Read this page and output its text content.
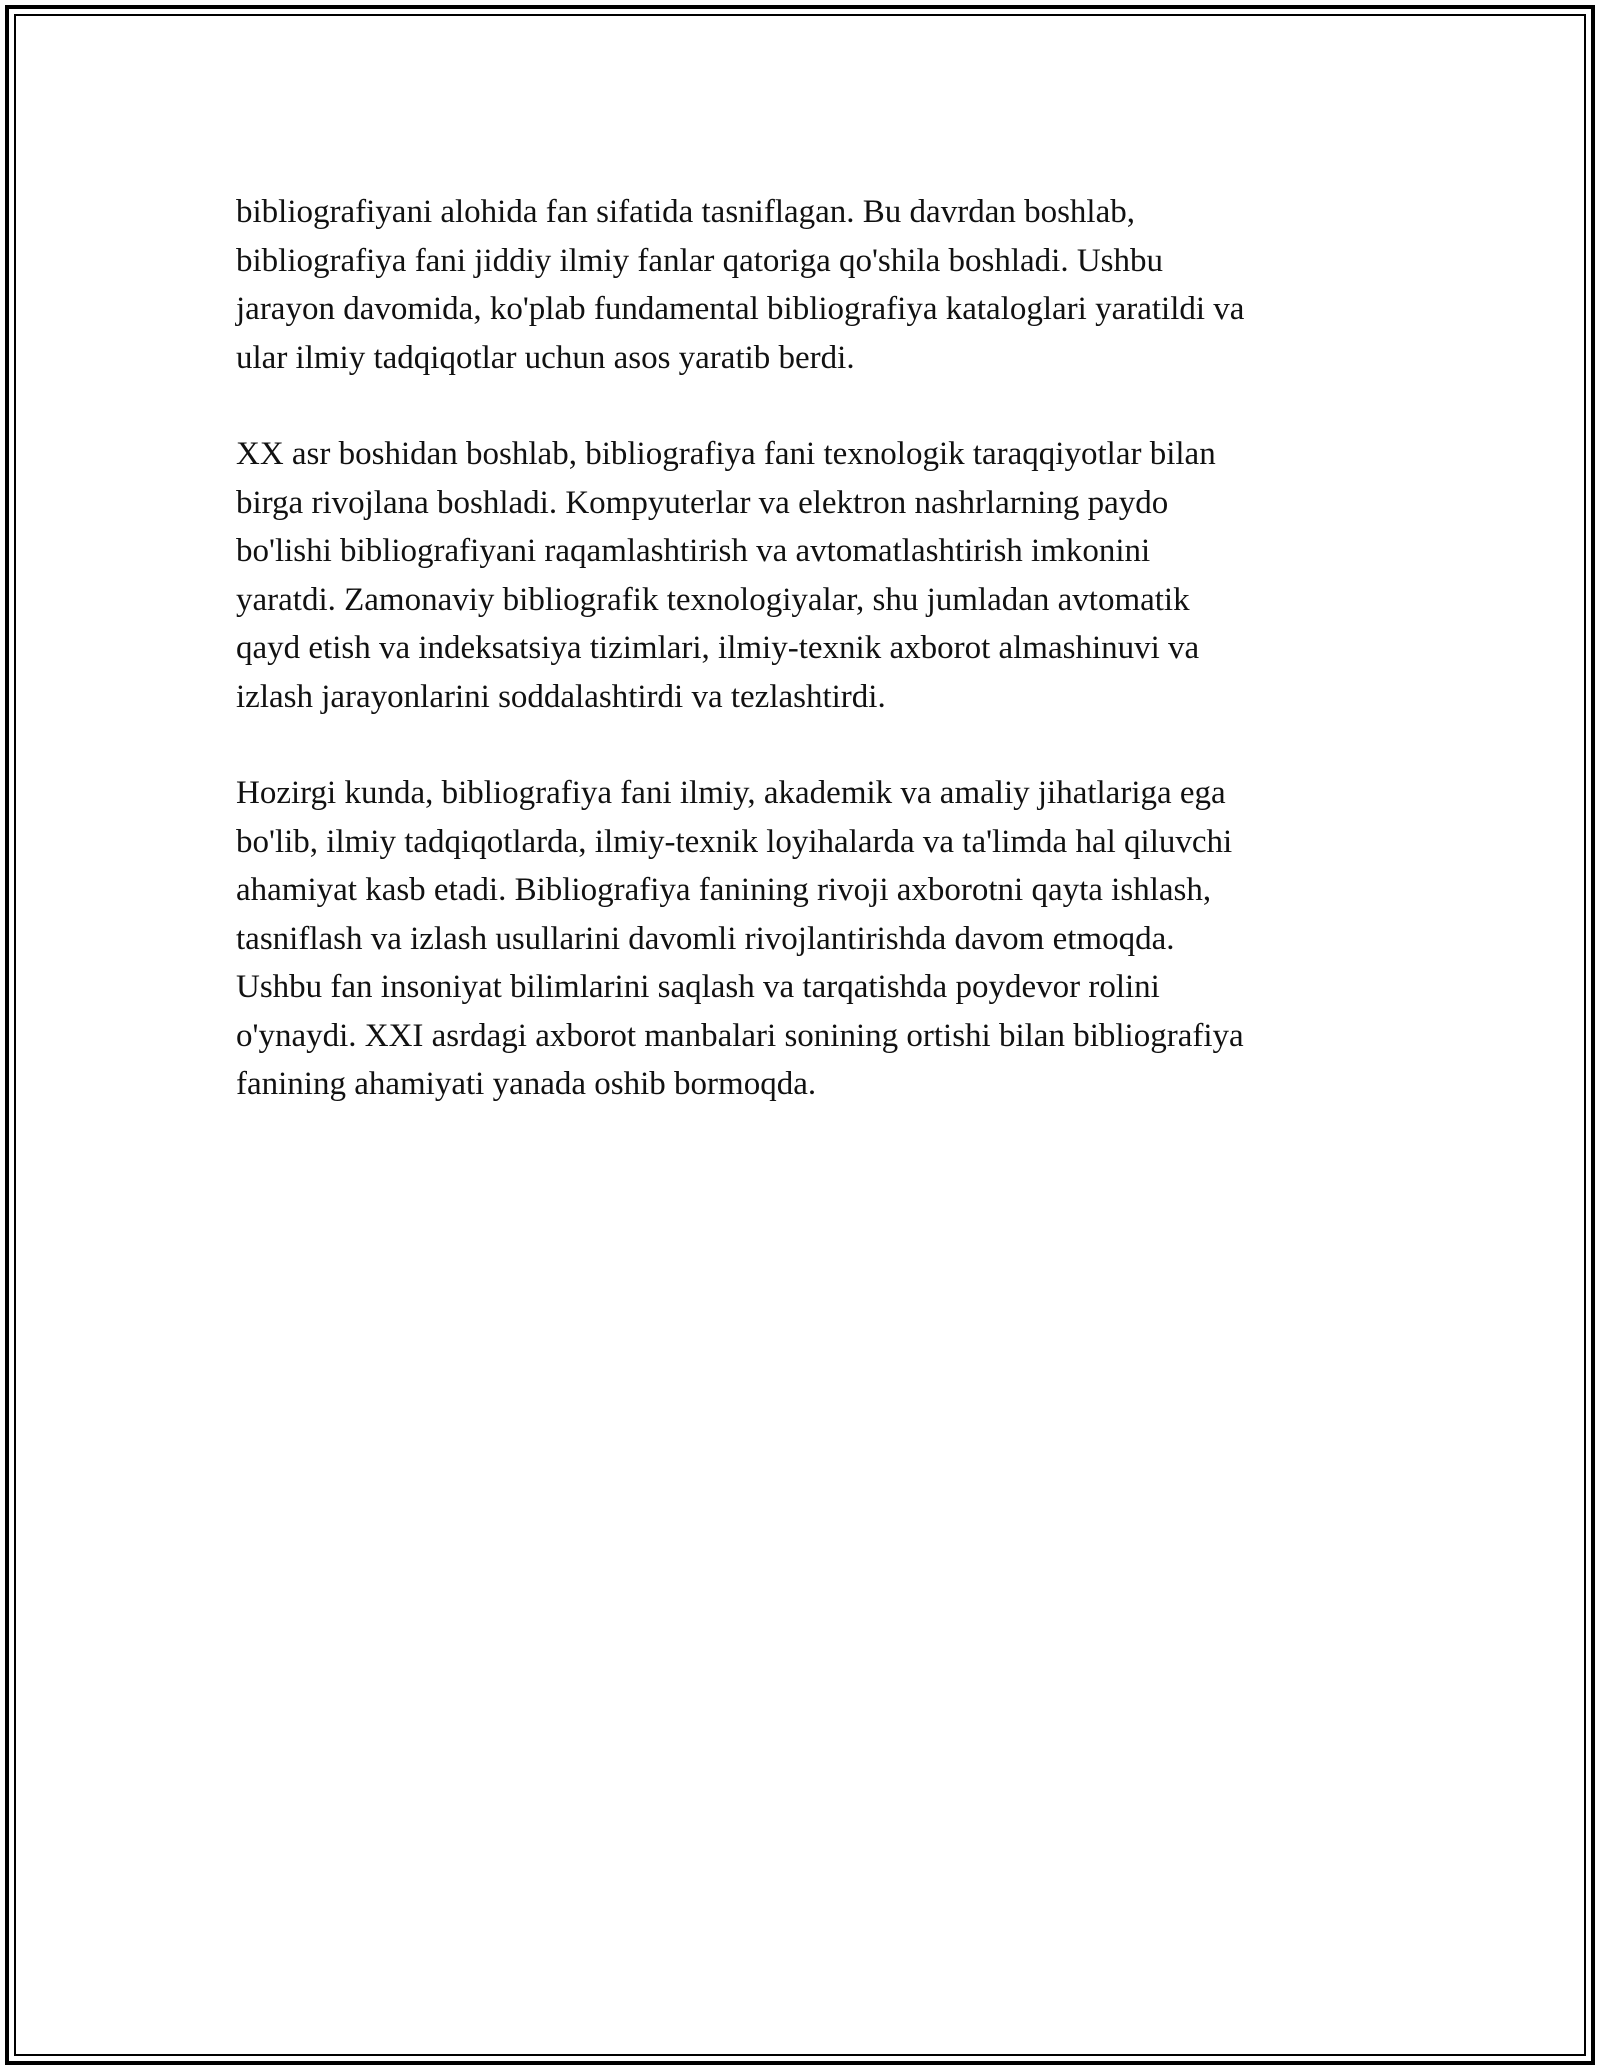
bibliografiyani alohida fan sifatida tasniflagan. Bu davrdan boshlab,
bibliografiya fani jiddiy ilmiy fanlar qatoriga qo'shila boshladi. Ushbu
jarayon davomida, ko'plab fundamental bibliografiya kataloglari yaratildi va
ular ilmiy tadqiqotlar uchun asos yaratib berdi.

XX asr boshidan boshlab, bibliografiya fani texnologik taraqqiyotlar bilan
birga rivojlana boshladi. Kompyuterlar va elektron nashrlarning paydo
bo'lishi bibliografiyani raqamlashtirish va avtomatlashtirish imkonini
yaratdi. Zamonaviy bibliografik texnologiyalar, shu jumladan avtomatik
qayd etish va indeksatsiya tizimlari, ilmiy-texnik axborot almashinuvi va
izlash jarayonlarini soddalashtirdi va tezlashtirdi.

Hozirgi kunda, bibliografiya fani ilmiy, akademik va amaliy jihatlariga ega
bo'lib, ilmiy tadqiqotlarda, ilmiy-texnik loyihalarda va ta'limda hal qiluvchi
ahamiyat kasb etadi. Bibliografiya fanining rivoji axborotni qayta ishlash,
tasniflash va izlash usullarini davomli rivojlantirishda davom etmoqda.
Ushbu fan insoniyat bilimlarini saqlash va tarqatishda poydevor rolini
o'ynaydi. XXI asrdagi axborot manbalari sonining ortishi bilan bibliografiya
fanining ahamiyati yanada oshib bormoqda.
